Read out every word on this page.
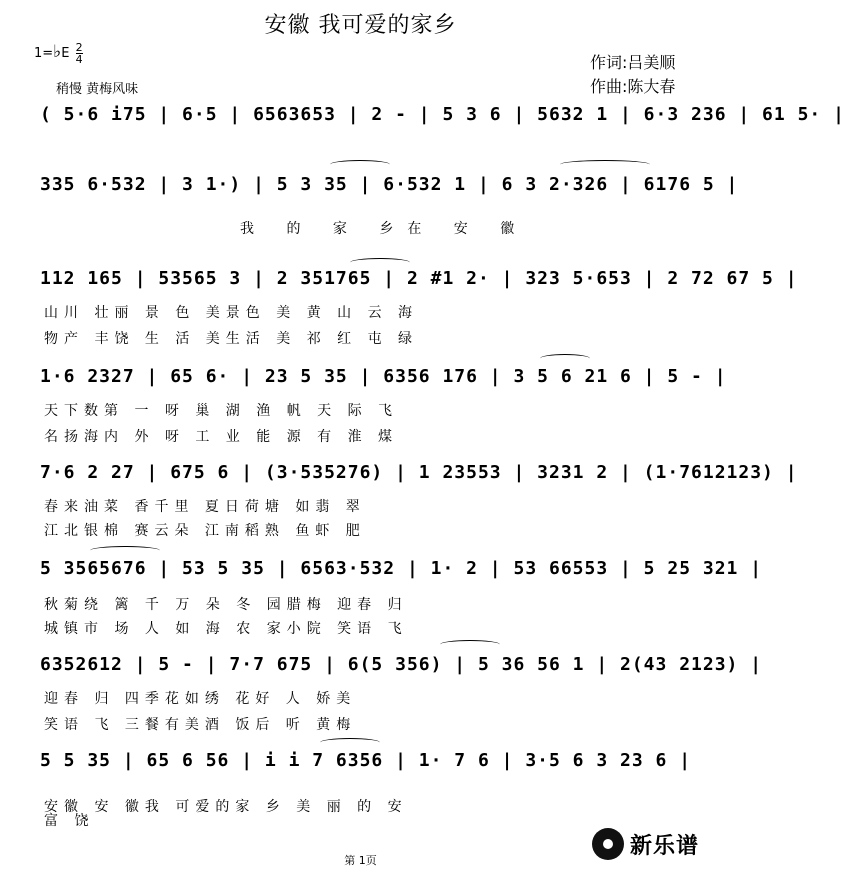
安徽 我可爱的家乡
1=♭E $\frac{2}{4}$
稍慢 黄梅风味
作词:吕美顺
作曲:陈大春
( 5·6 i75 | 6·5 | 6563653 | 2 - | 5 3 6 | 5632 1 | 6·3 236 | 61 5· |
335 6·532 | 3 1·) | 5 3 35 | 6·532 1 | 6 3 2·326 | 6176 5 |
我 的 家 乡在 安 徽
112 165 | 53565 3 | 2 351765 | 2 #1 2· | 323 5·653 | 2 72 67 5 |
山川 壮丽 景 色 美景色 美 黄 山 云 海
物产 丰饶 生 活 美生活 美 祁 红 屯 绿
1·6 2327 | 65 6· | 23 5 35 | 6356 176 | 3 5 6 21 6 | 5 - |
天下数第 一 呀 巢 湖 渔 帆 天 际 飞
名扬海内 外 呀 工 业 能 源 有 淮 煤
7·6 2 27 | 675 6 | (3·535276) | 1 23553 | 3231 2 | (1·7612123) |
春来油菜 香千里 夏日荷塘 如翡 翠
江北银棉 赛云朵 江南稻熟 鱼虾 肥
5 3565676 | 53 5 35 | 6563·532 | 1· 2 | 53 66553 | 5 25 321 |
秋菊绕 篱 千 万 朵 冬 园腊梅 迎春 归
城镇市 场 人 如 海 农 家小院 笑语 飞
6352612 | 5 - | 7·7 675 | 6(5 356) | 5 36 56 1 | 2(43 2123) |
迎春 归 四季花如绣 花好 人 娇美
笑语 飞 三餐有美酒 饭后 听 黄梅
5 5 35 | 65 6 56 | i i 7 6356 | 1· 7 6 | 3·5 6 3 23 6 |
安徽 安 徽我 可爱的家 乡 美 丽 的 安
富 饶
第 1页
新乐谱
